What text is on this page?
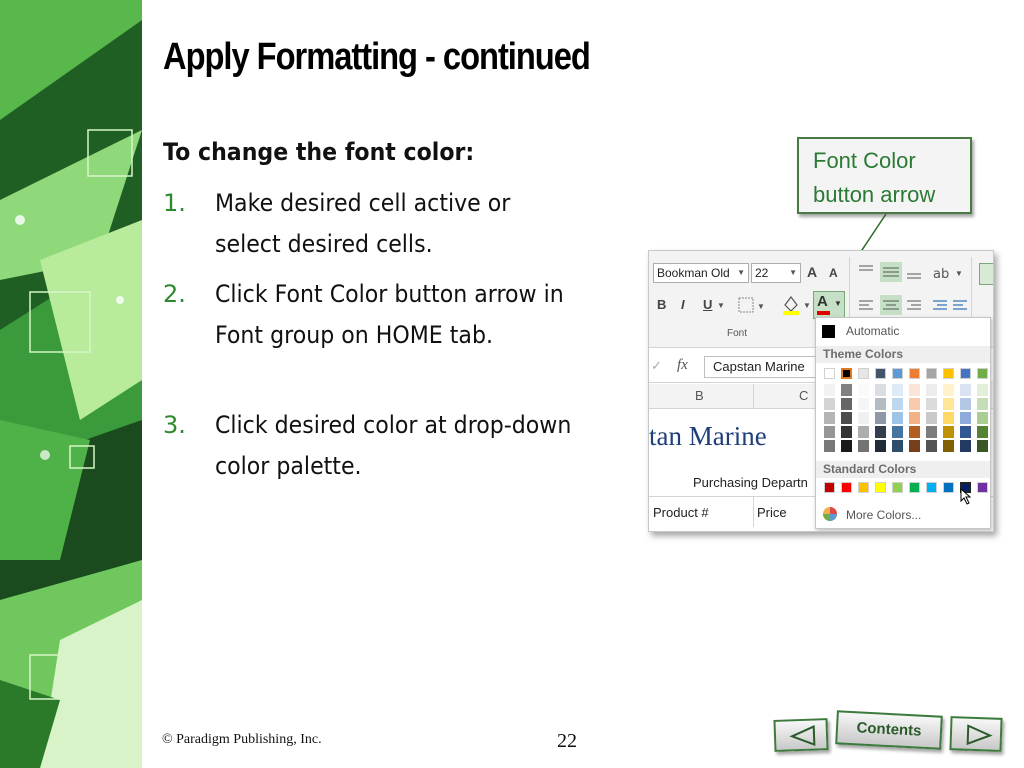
Apply Formatting - continued
To change the font color:
1. Make desired cell active or select desired cells.
2. Click Font Color button arrow in Font group on HOME tab.
3. Click desired color at drop-down color palette.
Font Color
button arrow
Bookman Old ▼ 22	▼ A A	ab ▼
B I U ▼	▼	▼ A ▼
Font
✓ fx	Capstan Marine
B	C
tan Marine
Purchasing Departn
Product #	Price
Automatic
Theme Colors
Standard Colors
More Colors...
© Paradigm Publishing, Inc.	22
Contents
